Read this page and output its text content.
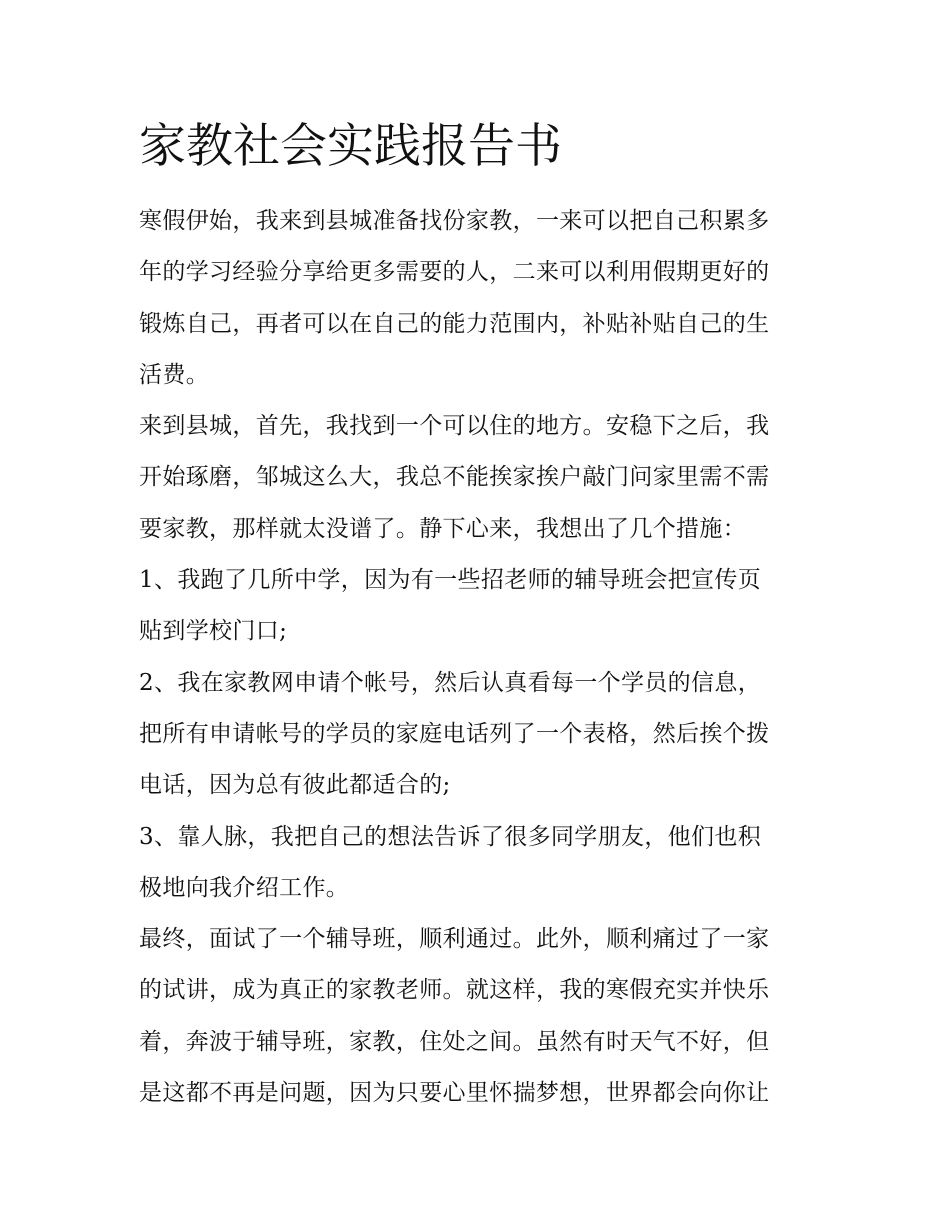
家教社会实践报告书
寒假伊始，我来到县城准备找份家教，一来可以把自己积累多
年的学习经验分享给更多需要的人，二来可以利用假期更好的
锻炼自己，再者可以在自己的能力范围内，补贴补贴自己的生
活费。
来到县城，首先，我找到一个可以住的地方。安稳下之后，我
开始琢磨，邹城这么大，我总不能挨家挨户敲门问家里需不需
要家教，那样就太没谱了。静下心来，我想出了几个措施：
1、我跑了几所中学，因为有一些招老师的辅导班会把宣传页
贴到学校门口;
2、我在家教网申请个帐号，然后认真看每一个学员的信息，
把所有申请帐号的学员的家庭电话列了一个表格，然后挨个拨
电话，因为总有彼此都适合的;
3、靠人脉，我把自己的想法告诉了很多同学朋友，他们也积
极地向我介绍工作。
最终，面试了一个辅导班，顺利通过。此外，顺利痛过了一家
的试讲，成为真正的家教老师。就这样，我的寒假充实并快乐
着，奔波于辅导班，家教，住处之间。虽然有时天气不好，但
是这都不再是问题，因为只要心里怀揣梦想，世界都会向你让
